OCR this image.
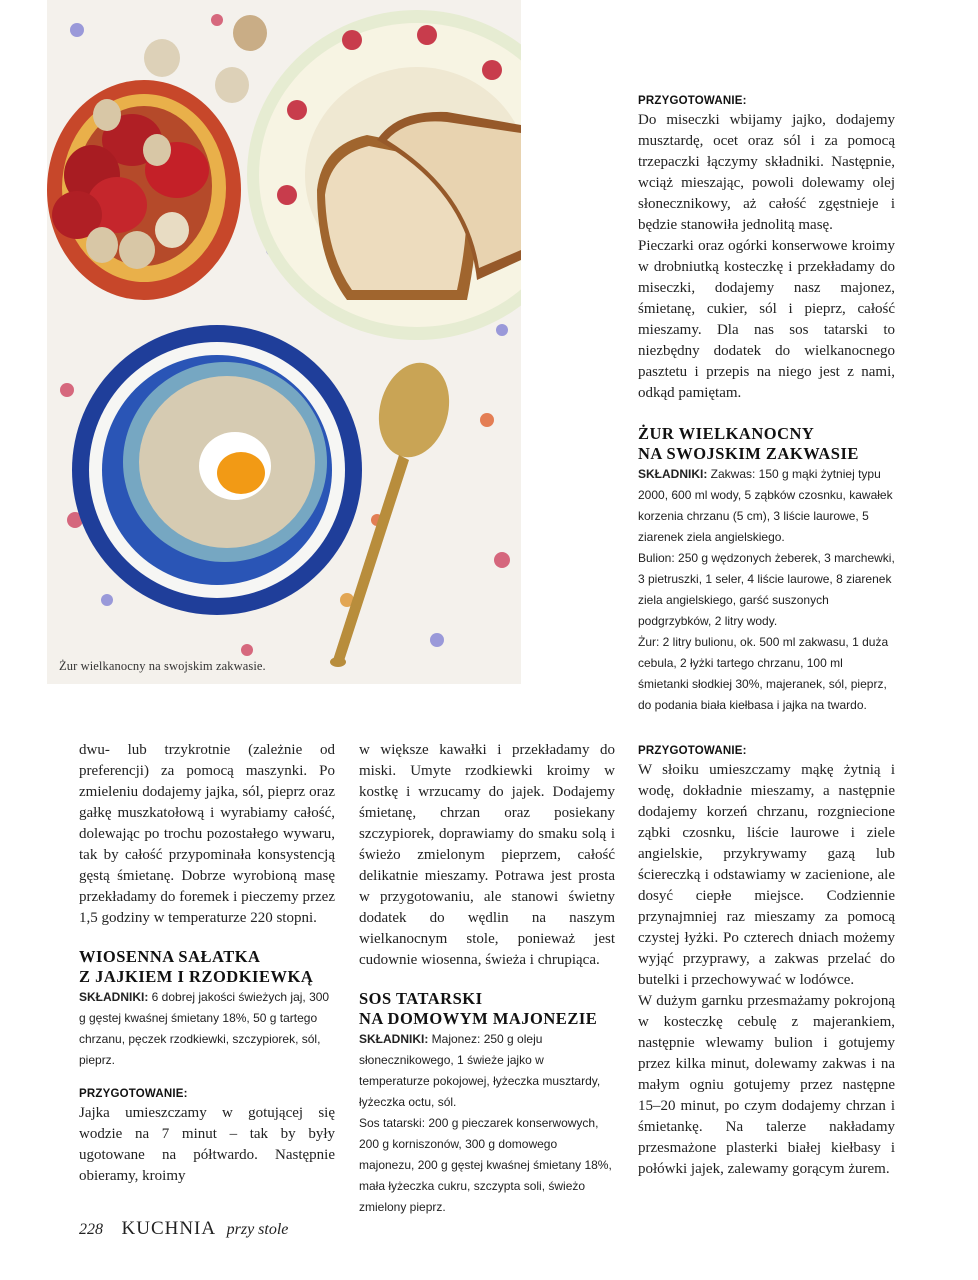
Żur wielkanocny na swojskim zakwasie.

PRZYGOTOWANIE:

Do miseczki wbijamy jajko, dodajemy musztardę, ocet oraz sól i za pomocą trzepaczki łączymy składniki. Następnie, wciąż mieszając, powoli dolewamy olej słonecznikowy, aż całość zgęstnieje i będzie stanowiła jednolitą masę.

Pieczarki oraz ogórki konserwowe kroimy w drobniutką kosteczkę i przekładamy do miseczki, dodajemy nasz majonez, śmietanę, cukier, sól i pieprz, całość mieszamy. Dla nas sos tatarski to niezbędny dodatek do wielkanocnego pasztetu i przepis na niego jest z nami, odkąd pamiętam.

ŻUR WIELKANOCNY

NA SWOJSKIM ZAKWASIE

SKŁADNIKI: Zakwas: 150 g mąki żytniej typu 2000, 600 ml wody, 5 ząbków czosnku, kawałek korzenia chrzanu (5 cm), 3 liście laurowe, 5 ziarenek ziela angielskiego.

Bulion: 250 g wędzonych żeberek, 3 marchewki, 3 pietruszki, 1 seler, 4 liście laurowe, 8 ziarenek ziela angielskiego, garść suszonych podgrzybków, 2 litry wody.

Żur: 2 litry bulionu, ok. 500 ml zakwasu, 1 duża cebula, 2 łyżki tartego chrzanu, 100 ml śmietanki słodkiej 30%, majeranek, sól, pieprz, do podania biała kiełbasa i jajka na twardo.

PRZYGOTOWANIE:

W słoiku umieszczamy mąkę żytnią i wodę, dokładnie mieszamy, a następnie dodajemy korzeń chrzanu, rozgniecione ząbki czosnku, liście laurowe i ziele angielskie, przykrywamy gazą lub ściereczką i odstawiamy w zacienione, ale dosyć ciepłe miejsce. Codziennie przynajmniej raz mieszamy za pomocą czystej łyżki. Po czterech dniach możemy wyjąć przyprawy, a zakwas przelać do butelki i przechowywać w lodówce.

W dużym garnku przesmażamy pokrojoną w kosteczkę cebulę z majerankiem, następnie wlewamy bulion i gotujemy przez kilka minut, dolewamy zakwas i na małym ogniu gotujemy przez następne 15–20 minut, po czym dodajemy chrzan i śmietankę. Na talerze nakładamy przesmażone plasterki białej kiełbasy i połówki jajek, zalewamy gorącym żurem.

dwu- lub trzykrotnie (zależnie od preferencji) za pomocą maszynki. Po zmieleniu dodajemy jajka, sól, pieprz oraz gałkę muszkatołową i wyrabiamy całość, dolewając po trochu pozostałego wywaru, tak by całość przypominała konsystencją gęstą śmietanę. Dobrze wyrobioną masę przekładamy do foremek i pieczemy przez 1,5 godziny w temperaturze 220 stopni.

WIOSENNA SAŁATKA

Z JAJKIEM I RZODKIEWKĄ

SKŁADNIKI: 6 dobrej jakości świeżych jaj, 300 g gęstej kwaśnej śmietany 18%, 50 g tartego chrzanu, pęczek rzodkiewki, szczypiorek, sól, pieprz.

PRZYGOTOWANIE:

Jajka umieszczamy w gotującej się wodzie na 7 minut – tak by były ugotowane na półtwardo. Następnie obieramy, kroimy

w większe kawałki i przekładamy do miski. Umyte rzodkiewki kroimy w kostkę i wrzucamy do jajek. Dodajemy śmietanę, chrzan oraz posiekany szczypiorek, doprawiamy do smaku solą i świeżo zmielonym pieprzem, całość delikatnie mieszamy. Potrawa jest prosta w przygotowaniu, ale stanowi świetny dodatek do wędlin na naszym wielkanocnym stole, ponieważ jest cudownie wiosenna, świeża i chrupiąca.

SOS TATARSKI

NA DOMOWYM MAJONEZIE

SKŁADNIKI: Majonez: 250 g oleju słonecznikowego, 1 świeże jajko w temperaturze pokojowej, łyżeczka musztardy, łyżeczka octu, sól.

Sos tatarski: 200 g pieczarek konserwowych, 200 g korniszonów, 300 g domowego majonezu, 200 g gęstej kwaśnej śmietany 18%, mała łyżeczka cukru, szczypta soli, świeżo zmielony pieprz.

228 KUCHNIA przy stole
